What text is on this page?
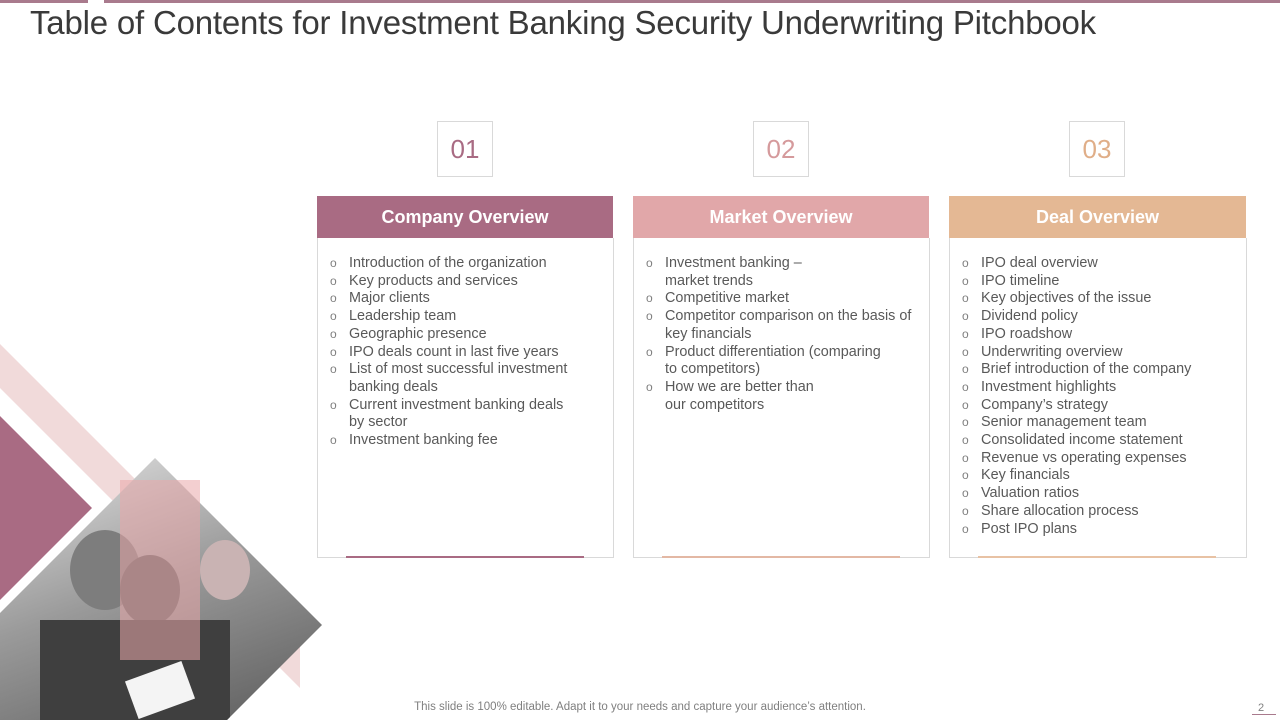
Table of Contents for Investment Banking Security Underwriting Pitchbook
01
Company Overview
o Introduction of the organization
o Key products and services
o Major clients
o Leadership team
o Geographic presence
o IPO deals count in last five years
o List of most successful investment banking deals
o Current investment banking deals by sector
o Investment banking fee
02
Market Overview
o Investment banking – market trends
o Competitive market
o Competitor comparison on the basis of key financials
o Product differentiation (comparing to competitors)
o How we are better than our competitors
03
Deal Overview
o IPO deal overview
o IPO timeline
o Key objectives of the issue
o Dividend policy
o IPO roadshow
o Underwriting overview
o Brief introduction of the company
o Investment highlights
o Company’s strategy
o Senior management team
o Consolidated income statement
o Revenue vs operating expenses
o Key financials
o Valuation ratios
o Share allocation process
o Post IPO plans
This slide is 100% editable. Adapt it to your needs and capture your audience’s attention.	2
